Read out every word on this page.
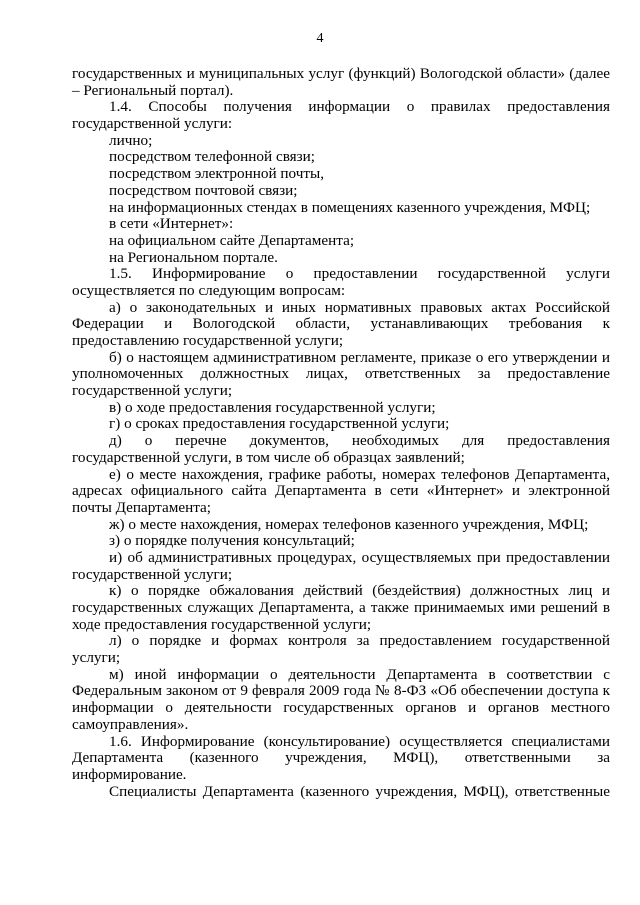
4
государственных и муниципальных услуг (функций) Вологодской области» (далее
– Региональный портал).
1.4. Способы получения информации о правилах предоставления
государственной услуги:
лично;
посредством телефонной связи;
посредством электронной почты,
посредством почтовой связи;
на информационных стендах в помещениях казенного учреждения, МФЦ;
в сети «Интернет»:
на официальном сайте Департамента;
на Региональном портале.
1.5. Информирование о предоставлении государственной услуги
осуществляется по следующим вопросам:
а) о законодательных и иных нормативных правовых актах Российской
Федерации и Вологодской области, устанавливающих требования к
предоставлению государственной услуги;
б) о настоящем административном регламенте, приказе о его утверждении и
уполномоченных должностных лицах, ответственных за предоставление
государственной услуги;
в) о ходе предоставления государственной услуги;
г) о сроках предоставления государственной услуги;
д) о перечне документов, необходимых для предоставления
государственной услуги, в том числе об образцах заявлений;
е) о месте нахождения, графике работы, номерах телефонов Департамента,
адресах официального сайта Департамента в сети «Интернет» и электронной
почты Департамента;
ж) о месте нахождения, номерах телефонов казенного учреждения, МФЦ;
з) о порядке получения консультаций;
и) об административных процедурах, осуществляемых при предоставлении
государственной услуги;
к) о порядке обжалования действий (бездействия) должностных лиц и
государственных служащих Департамента, а также принимаемых ими решений в
ходе предоставления государственной услуги;
л) о порядке и формах контроля за предоставлением государственной
услуги;
м) иной информации о деятельности Департамента в соответствии с
Федеральным законом от 9 февраля 2009 года № 8-ФЗ «Об обеспечении доступа к
информации о деятельности государственных органов и органов местного
самоуправления».
1.6. Информирование (консультирование) осуществляется специалистами
Департамента (казенного учреждения, МФЦ), ответственными за
информирование.
Специалисты Департамента (казенного учреждения, МФЦ), ответственные
